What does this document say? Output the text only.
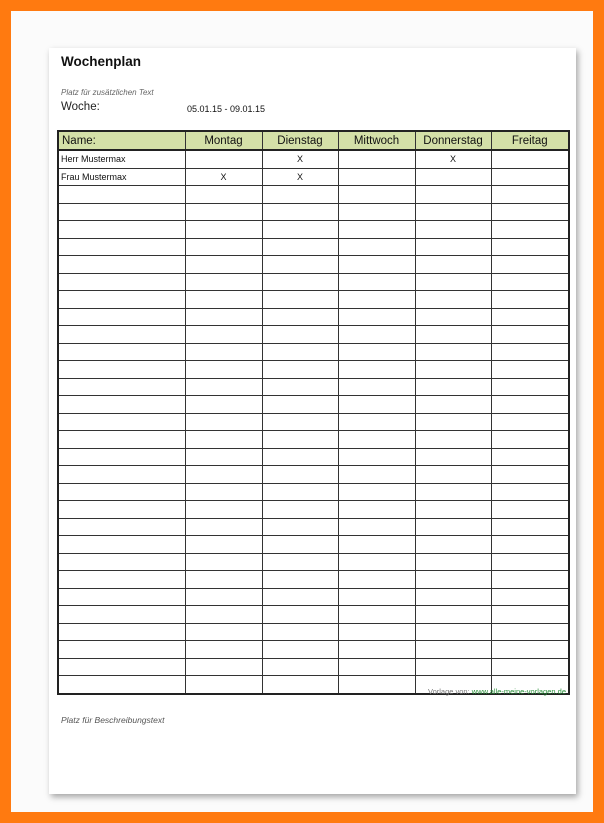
Wochenplan
Platz für zusätzlichen Text
Woche:	05.01.15 - 09.01.15
Name:	Montag	Dienstag	Mittwoch	Donnerstag	Freitag
Herr Mustermax		X		X	
Frau Mustermax	X	X			

Vorlage von: www.alle-meine-vorlagen.de
Platz für Beschreibungstext
